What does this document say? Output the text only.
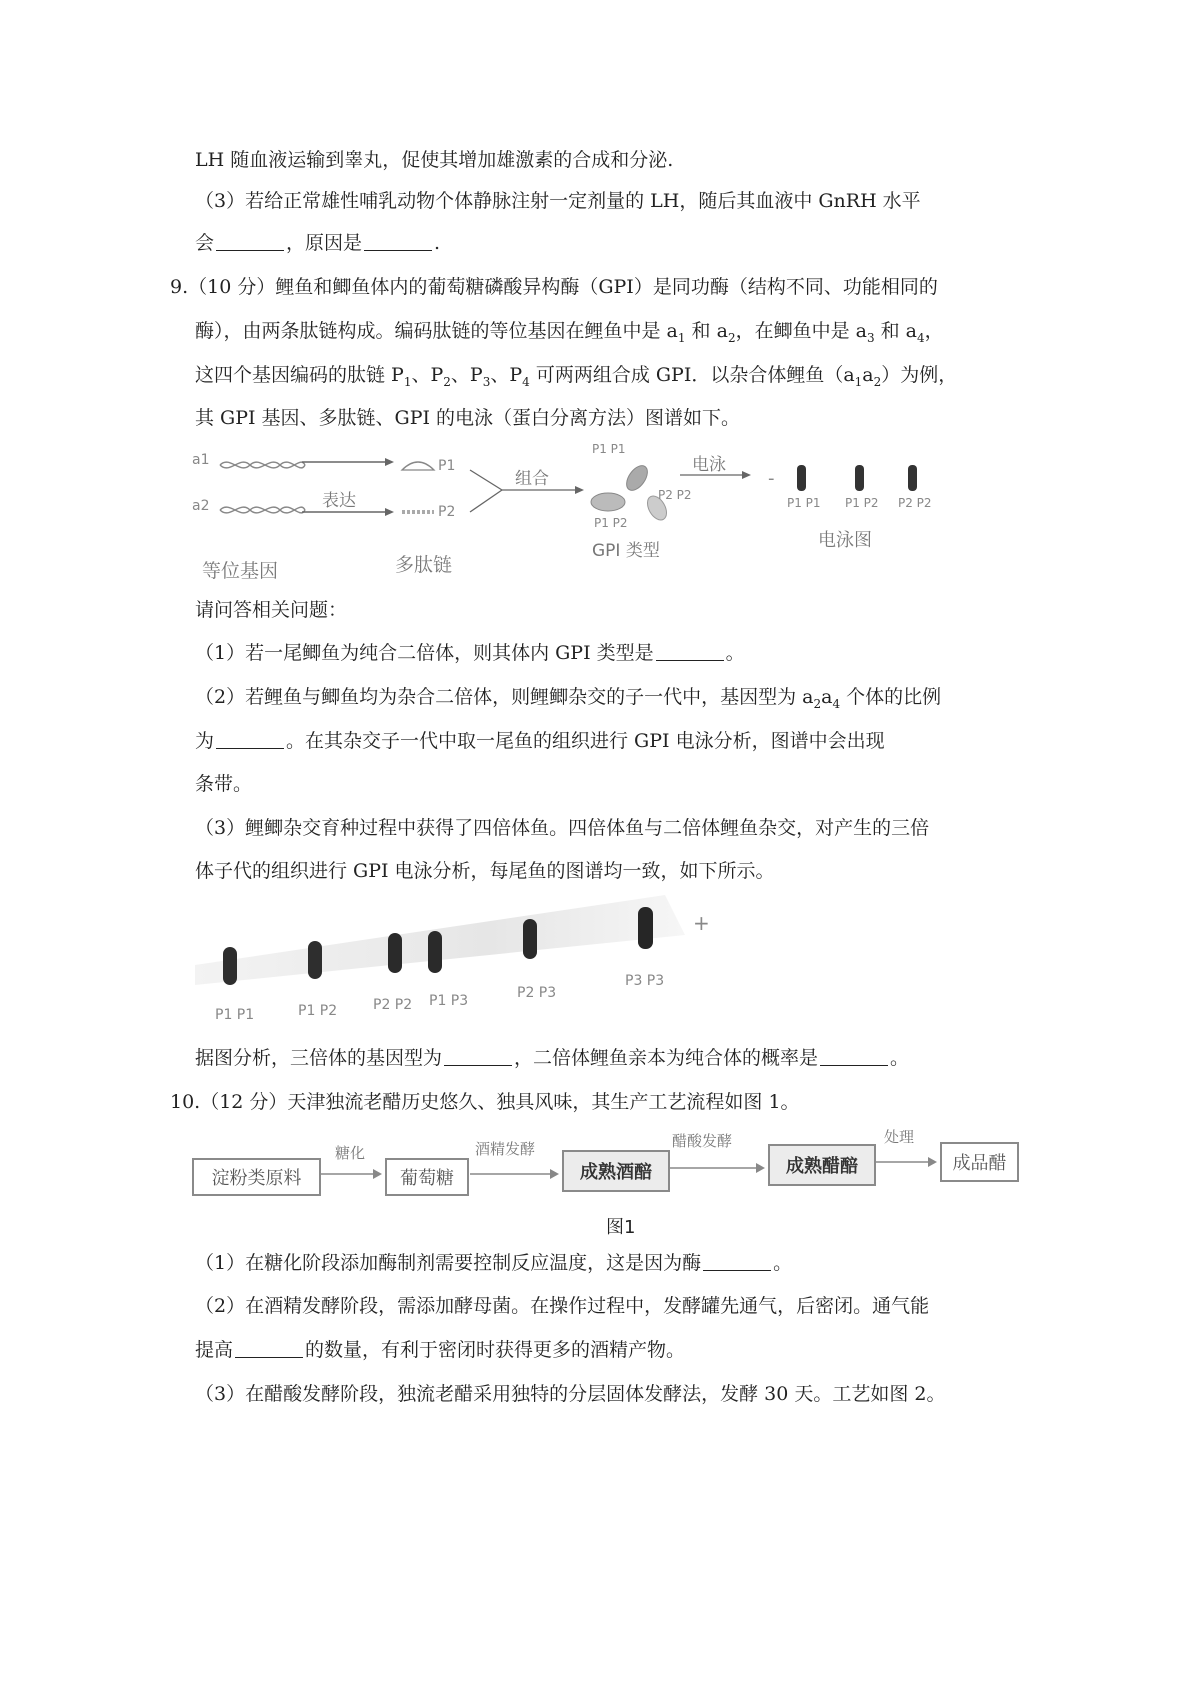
LH 随血液运输到睾丸，促使其增加雄激素的合成和分泌.
（3）若给正常雄性哺乳动物个体静脉注射一定剂量的 LH，随后其血液中 GnRH 水平
会	，原因是	.
9.（10 分）鲤鱼和鲫鱼体内的葡萄糖磷酸异构酶（GPI）是同功酶（结构不同、功能相同的
酶），由两条肽链构成。编码肽链的等位基因在鲤鱼中是 $a_1$ 和 $a_2$，在鲫鱼中是 $a_3$ 和 $a_4$，
这四个基因编码的肽链 $P_1$、$P_2$、$P_3$、$P_4$ 可两两组合成 GPI．以杂合体鲤鱼$(a_1a_2)$为例，
其 GPI 基因、多肽链、GPI 的电泳（蛋白分离方法）图谱如下。
a1
a2	表达
P1
P2
组合
P1 P1
P2 P2
P1 P2
电泳
-
P1 P1 P1 P2 P2 P2
等位基因	多肽链
GPI 类型	电泳图
请问答相关问题：
（1）若一尾鲫鱼为纯合二倍体，则其体内 GPI 类型是	。
（2）若鲤鱼与鲫鱼均为杂合二倍体，则鲤鲫杂交的子一代中，基因型为 $a_2a_4$ 个体的比例
为	。在其杂交子一代中取一尾鱼的组织进行 GPI 电泳分析，图谱中会出现
条带。
（3）鲤鲫杂交育种过程中获得了四倍体鱼。四倍体鱼与二倍体鲤鱼杂交，对产生的三倍
体子代的组织进行 GPI 电泳分析，每尾鱼的图谱均一致，如下所示。
+
P1 P1	P1 P2	P2 P2 P1 P3	P2 P3
P3 P3
据图分析，三倍体的基因型为	，二倍体鲤鱼亲本为纯合体的概率是	。
10.（12 分）天津独流老醋历史悠久、独具风味，其生产工艺流程如图 1。
淀粉类原料
糖化
葡萄糖
酒精发酵
成熟酒醅
醋酸发酵
成熟醋醅
处理
成品醋
图1
（1）在糖化阶段添加酶制剂需要控制反应温度，这是因为酶	。
（2）在酒精发酵阶段，需添加酵母菌。在操作过程中，发酵罐先通气，后密闭。通气能
提高	的数量，有利于密闭时获得更多的酒精产物。
（3）在醋酸发酵阶段，独流老醋采用独特的分层固体发酵法，发酵 30 天。工艺如图 2。
